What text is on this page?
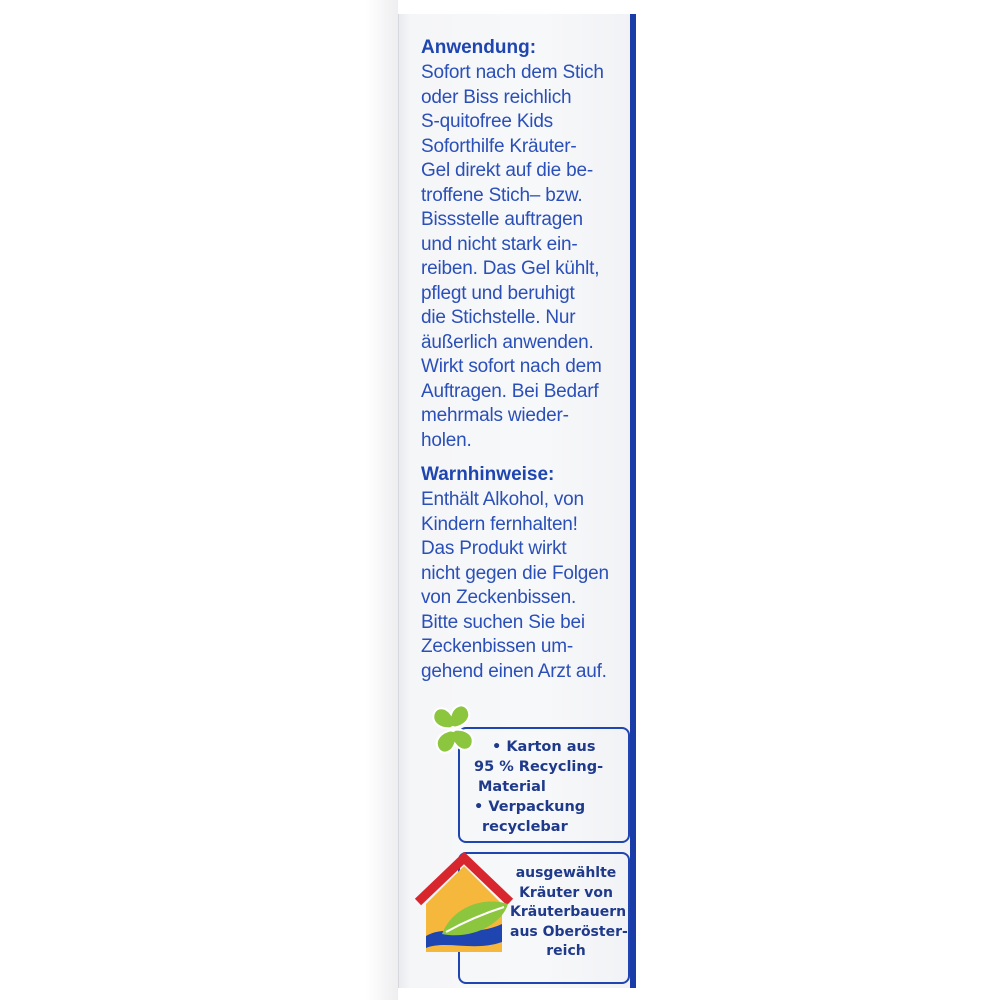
Anwendung:
Sofort nach dem Stich
oder Biss reichlich
S-quitofree Kids
Soforthilfe Kräuter-
Gel direkt auf die be-
troffene Stich– bzw.
Bissstelle auftragen
und nicht stark ein-
reiben. Das Gel kühlt,
pflegt und beruhigt
die Stichstelle. Nur
äußerlich anwenden.
Wirkt sofort nach dem
Auftragen. Bei Bedarf
mehrmals wieder-
holen.
Warnhinweise:
Enthält Alkohol, von
Kindern fernhalten!
Das Produkt wirkt
nicht gegen die Folgen
von Zeckenbissen.
Bitte suchen Sie bei
Zeckenbissen um-
gehend einen Arzt auf.
• Karton aus
95 % Recycling-
Material
• Verpackung
recyclebar
ausgewählte
Kräuter von
Kräuterbauern
aus Oberöster-
reich
